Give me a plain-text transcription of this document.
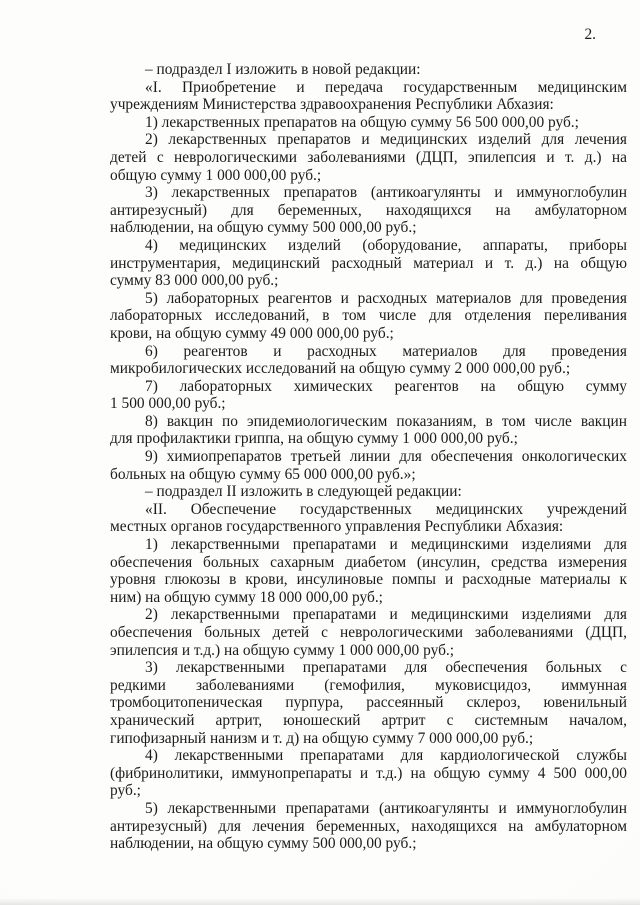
2.
– подраздел I изложить в новой редакции:
«I. Приобретение и передача государственным медицинским
учреждениям Министерства здравоохранения Республики Абхазия:
1) лекарственных препаратов на общую сумму 56 500 000,00 руб.;
2) лекарственных препаратов и медицинских изделий для лечения
детей с неврологическими заболеваниями (ДЦП, эпилепсия и т. д.) на
общую сумму 1 000 000,00 руб.;
3) лекарственных препаратов (антикоагулянты и иммуноглобулин
антирезусный) для беременных, находящихся на амбулаторном
наблюдении, на общую сумму 500 000,00 руб.;
4) медицинских изделий (оборудование, аппараты, приборы
инструментария, медицинский расходный материал и т. д.) на общую
сумму 83 000 000,00 руб.;
5) лабораторных реагентов и расходных материалов для проведения
лабораторных исследований, в том числе для отделения переливания
крови, на общую сумму 49 000 000,00 руб.;
6) реагентов и расходных материалов для проведения
микробилогических исследований на общую сумму 2 000 000,00 руб.;
7) лабораторных химических реагентов на общую сумму
1 500 000,00 руб.;
8) вакцин по эпидемиологическим показаниям, в том числе вакцин
для профилактики гриппа, на общую сумму 1 000 000,00 руб.;
9) химиопрепаратов третьей линии для обеспечения онкологических
больных на общую сумму 65 000 000,00 руб.»;
– подраздел II изложить в следующей редакции:
«II. Обеспечение государственных медицинских учреждений
местных органов государственного управления Республики Абхазия:
1) лекарственными препаратами и медицинскими изделиями для
обеспечения больных сахарным диабетом (инсулин, средства измерения
уровня глюкозы в крови, инсулиновые помпы и расходные материалы к
ним) на общую сумму 18 000 000,00 руб.;
2) лекарственными препаратами и медицинскими изделиями для
обеспечения больных детей с неврологическими заболеваниями (ДЦП,
эпилепсия и т.д.) на общую сумму 1 000 000,00 руб.;
3) лекарственными препаратами для обеспечения больных с
редкими заболеваниями (гемофилия, муковисцидоз, иммунная
тромбоцитопеническая пурпура, рассеянный склероз, ювенильный
хранический артрит, юношеский артрит с системным началом,
гипофизарный нанизм и т. д) на общую сумму 7 000 000,00 руб.;
4) лекарственными препаратами для кардиологической службы
(фибринолитики, иммунопрепараты и т.д.) на общую сумму 4 500 000,00
руб.;
5) лекарственными препаратами (антикоагулянты и иммуноглобулин
антирезусный) для лечения беременных, находящихся на амбулаторном
наблюдении, на общую сумму 500 000,00 руб.;
